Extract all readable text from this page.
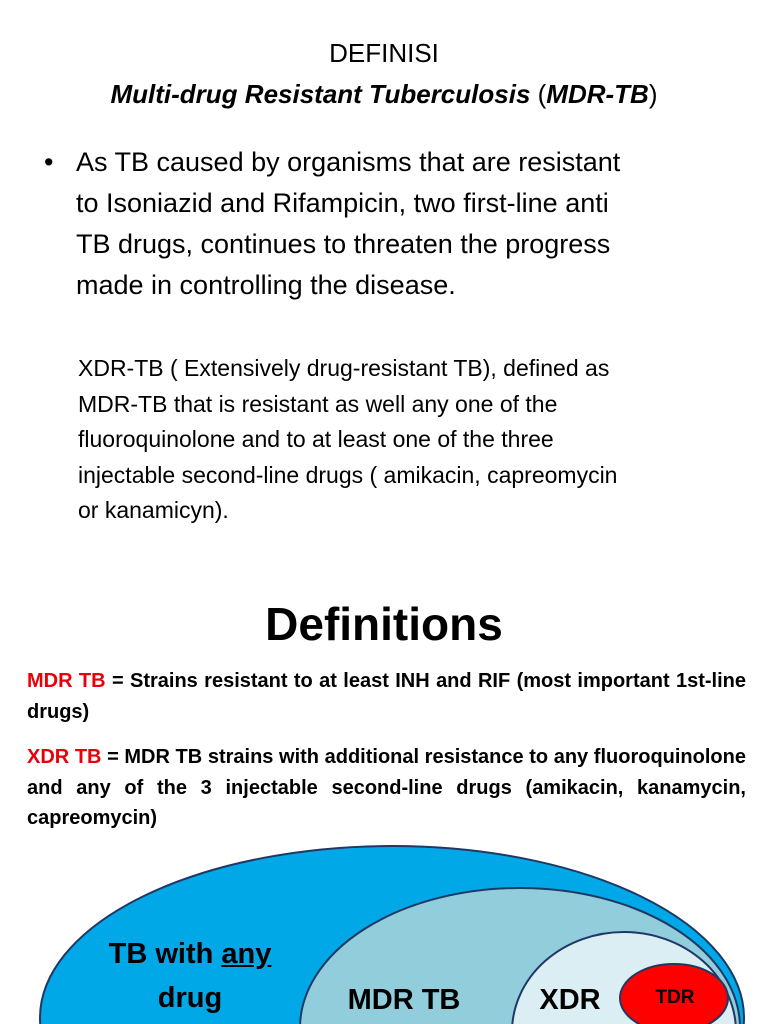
DEFINISI
Multi-drug Resistant Tuberculosis (MDR-TB)
• As TB caused by organisms that are resistant
to Isoniazid and Rifampicin, two first-line anti
TB drugs, continues to threaten the progress
made in controlling the disease.
XDR-TB ( Extensively drug-resistant TB), defined as
MDR-TB that is resistant as well any one of the
fluoroquinolone and to at least one of the three
injectable second-line drugs ( amikacin, capreomycin
or kanamicyn).
Definitions

MDR TB = Strains resistant to at least INH and RIF (most important 1st-line drugs)

XDR TB = MDR TB strains with additional resistance to any fluoroquinolone and any of the 3 injectable second-line drugs (amikacin, kanamycin, capreomycin)

TB with any
drug	MDR TB	XDR	TDR
